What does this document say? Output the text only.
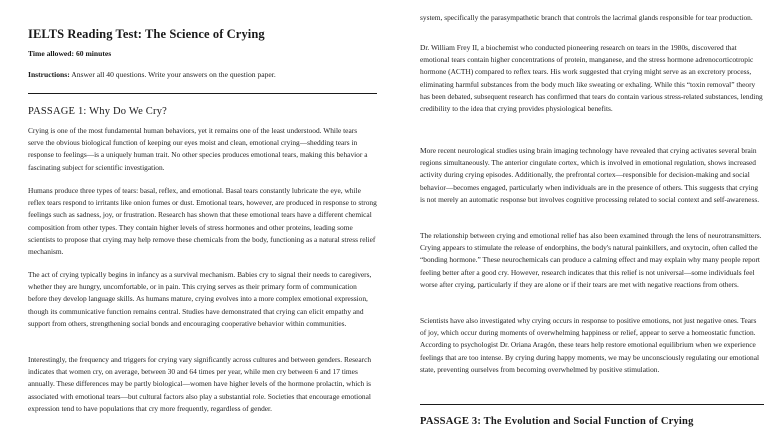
IELTS Reading Test: The Science of Crying

Time allowed: 60 minutes

Instructions: Answer all 40 questions. Write your answers on the question paper.

PASSAGE 1: Why Do We Cry?

Crying is one of the most fundamental human behaviors, yet it remains one of the least understood. While tears serve the obvious biological function of keeping our eyes moist and clean, emotional crying—shedding tears in response to feelings—is a uniquely human trait. No other species produces emotional tears, making this behavior a fascinating subject for scientific investigation.

Humans produce three types of tears: basal, reflex, and emotional. Basal tears constantly lubricate the eye, while reflex tears respond to irritants like onion fumes or dust. Emotional tears, however, are produced in response to strong feelings such as sadness, joy, or frustration. Research has shown that these emotional tears have a different chemical composition from other types. They contain higher levels of stress hormones and other proteins, leading some scientists to propose that crying may help remove these chemicals from the body, functioning as a natural stress relief mechanism.

The act of crying typically begins in infancy as a survival mechanism. Babies cry to signal their needs to caregivers, whether they are hungry, uncomfortable, or in pain. This crying serves as their primary form of communication before they develop language skills. As humans mature, crying evolves into a more complex emotional expression, though its communicative function remains central. Studies have demonstrated that crying can elicit empathy and support from others, strengthening social bonds and encouraging cooperative behavior within communities.

Interestingly, the frequency and triggers for crying vary significantly across cultures and between genders. Research indicates that women cry, on average, between 30 and 64 times per year, while men cry between 6 and 17 times annually. These differences may be partly biological—women have higher levels of the hormone prolactin, which is associated with emotional tears—but cultural factors also play a substantial role. Societies that encourage emotional expression tend to have populations that cry more frequently, regardless of gender.

system, specifically the parasympathetic branch that controls the lacrimal glands responsible for tear production.

Dr. William Frey II, a biochemist who conducted pioneering research on tears in the 1980s, discovered that emotional tears contain higher concentrations of protein, manganese, and the stress hormone adrenocorticotropic hormone (ACTH) compared to reflex tears. His work suggested that crying might serve as an excretory process, eliminating harmful substances from the body much like sweating or exhaling. While this “toxin removal” theory has been debated, subsequent research has confirmed that tears do contain various stress-related substances, lending credibility to the idea that crying provides physiological benefits.

More recent neurological studies using brain imaging technology have revealed that crying activates several brain regions simultaneously. The anterior cingulate cortex, which is involved in emotional regulation, shows increased activity during crying episodes. Additionally, the prefrontal cortex—responsible for decision-making and social behavior—becomes engaged, particularly when individuals are in the presence of others. This suggests that crying is not merely an automatic response but involves cognitive processing related to social context and self-awareness.

The relationship between crying and emotional relief has also been examined through the lens of neurotransmitters. Crying appears to stimulate the release of endorphins, the body's natural painkillers, and oxytocin, often called the “bonding hormone.” These neurochemicals can produce a calming effect and may explain why many people report feeling better after a good cry. However, research indicates that this relief is not universal—some individuals feel worse after crying, particularly if they are alone or if their tears are met with negative reactions from others.

Scientists have also investigated why crying occurs in response to positive emotions, not just negative ones. Tears of joy, which occur during moments of overwhelming happiness or relief, appear to serve a homeostatic function. According to psychologist Dr. Oriana Aragón, these tears help restore emotional equilibrium when we experience feelings that are too intense. By crying during happy moments, we may be unconsciously regulating our emotional state, preventing ourselves from becoming overwhelmed by positive stimulation.

PASSAGE 3: The Evolution and Social Function of Crying
